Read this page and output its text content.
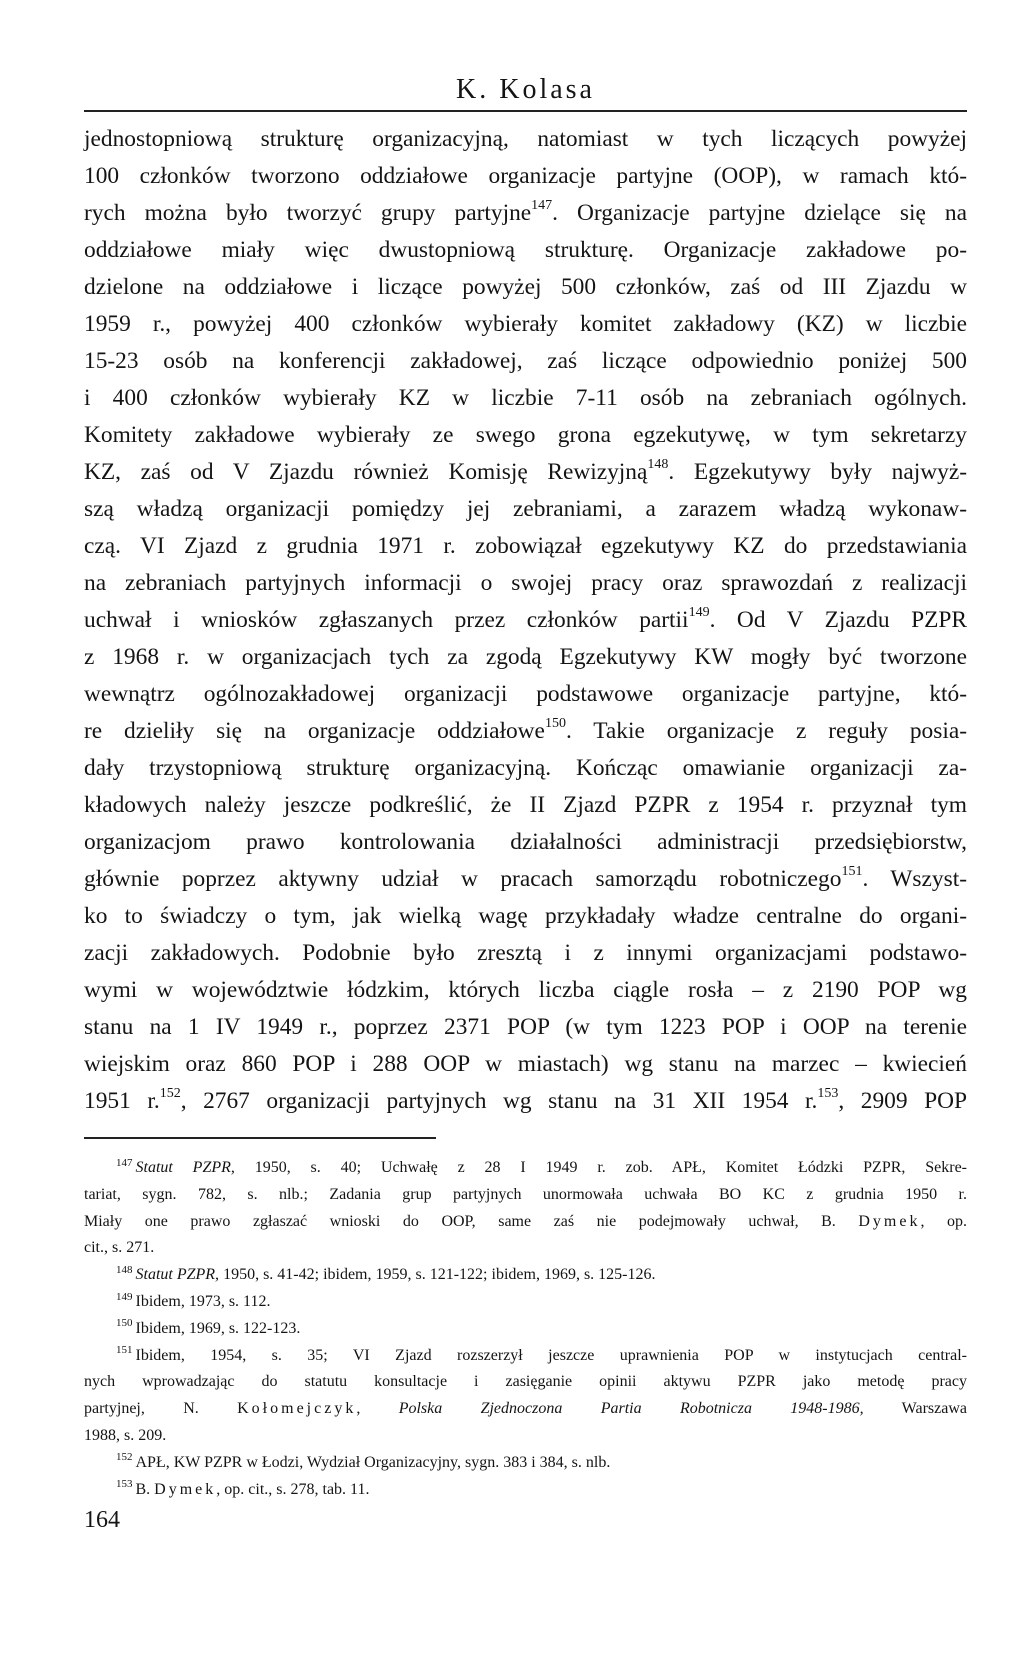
K. Kolasa
jednostopniową strukturę organizacyjną, natomiast w tych liczących powyżej
100 członków tworzono oddziałowe organizacje partyjne (OOP), w ramach któ-
rych można było tworzyć grupy partyjne$^{147}$. Organizacje partyjne dzielące się na
oddziałowe miały więc dwustopniową strukturę. Organizacje zakładowe po-
dzielone na oddziałowe i liczące powyżej 500 członków, zaś od III Zjazdu w
1959 r., powyżej 400 członków wybierały komitet zakładowy (KZ) w liczbie
15-23 osób na konferencji zakładowej, zaś liczące odpowiednio poniżej 500
i 400 członków wybierały KZ w liczbie 7-11 osób na zebraniach ogólnych.
Komitety zakładowe wybierały ze swego grona egzekutywę, w tym sekretarzy
KZ, zaś od V Zjazdu również Komisję Rewizyjną$^{148}$. Egzekutywy były najwyż-
szą władzą organizacji pomiędzy jej zebraniami, a zarazem władzą wykonaw-
czą. VI Zjazd z grudnia 1971 r. zobowiązał egzekutywy KZ do przedstawiania
na zebraniach partyjnych informacji o swojej pracy oraz sprawozdań z realizacji
uchwał i wniosków zgłaszanych przez członków partii$^{149}$. Od V Zjazdu PZPR
z 1968 r. w organizacjach tych za zgodą Egzekutywy KW mogły być tworzone
wewnątrz ogólnozakładowej organizacji podstawowe organizacje partyjne, któ-
re dzieliły się na organizacje oddziałowe$^{150}$. Takie organizacje z reguły posia-
dały trzystopniową strukturę organizacyjną. Kończąc omawianie organizacji za-
kładowych należy jeszcze podkreślić, że II Zjazd PZPR z 1954 r. przyznał tym
organizacjom prawo kontrolowania działalności administracji przedsiębiorstw,
głównie poprzez aktywny udział w pracach samorządu robotniczego$^{151}$. Wszyst-
ko to świadczy o tym, jak wielką wagę przykładały władze centralne do organi-
zacji zakładowych. Podobnie było zresztą i z innymi organizacjami podstawo-
wymi w województwie łódzkim, których liczba ciągle rosła – z 2190 POP wg
stanu na 1 IV 1949 r., poprzez 2371 POP (w tym 1223 POP i OOP na terenie
wiejskim oraz 860 POP i 288 OOP w miastach) wg stanu na marzec – kwiecień
1951 r.$^{152}$, 2767 organizacji partyjnych wg stanu na 31 XII 1954 r.$^{153}$, 2909 POP
$^{147}$ Statut PZPR, 1950, s. 40; Uchwałę z 28 I 1949 r. zob. APŁ, Komitet Łódzki PZPR, Sekre-
tariat, sygn. 782, s. nlb.; Zadania grup partyjnych unormowała uchwała BO KC z grudnia 1950 r.
Miały one prawo zgłaszać wnioski do OOP, same zaś nie podejmowały uchwał, B. Dymek, op.
cit., s. 271.
$^{148}$ Statut PZPR, 1950, s. 41-42; ibidem, 1959, s. 121-122; ibidem, 1969, s. 125-126.
$^{149}$ Ibidem, 1973, s. 112.
$^{150}$ Ibidem, 1969, s. 122-123.
$^{151}$ Ibidem, 1954, s. 35; VI Zjazd rozszerzył jeszcze uprawnienia POP w instytucjach central-
nych wprowadzając do statutu konsultacje i zasięganie opinii aktywu PZPR jako metodę pracy
partyjnej, N. Kołomejczyk, Polska Zjednoczona Partia Robotnicza 1948-1986, Warszawa
1988, s. 209.
$^{152}$ APŁ, KW PZPR w Łodzi, Wydział Organizacyjny, sygn. 383 i 384, s. nlb.
$^{153}$ B. Dymek, op. cit., s. 278, tab. 11.
164
